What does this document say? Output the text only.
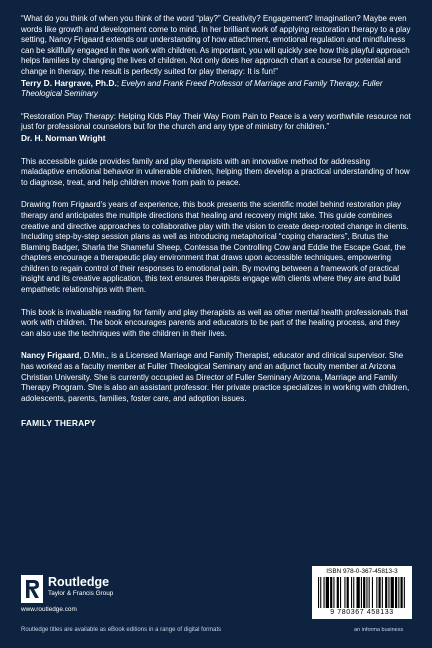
“What do you think of when you think of the word “play?” Creativity? Engagement? Imagination? Maybe even words like growth and development come to mind. In her brilliant work of applying restoration therapy to a play setting, Nancy Frigaard extends our understanding of how attachment, emotional regulation and mindfulness can be skillfully engaged in the work with children. As important, you will quickly see how this playful approach helps families by changing the lives of children. Not only does her approach chart a course for potential and change in therapy, the result is perfectly suited for play therapy: It is fun!”

Terry D. Hargrave, Ph.D.; Evelyn and Frank Freed Professor of Marriage and Family Therapy, Fuller Theological Seminary

“Restoration Play Therapy: Helping Kids Play Their Way From Pain to Peace is a very worthwhile resource not just for professional counselors but for the church and any type of ministry for children.”

Dr. H. Norman Wright

This accessible guide provides family and play therapists with an innovative method for addressing maladaptive emotional behavior in vulnerable children, helping them develop a practical understanding of how to diagnose, treat, and help children move from pain to peace.

Drawing from Frigaard’s years of experience, this book presents the scientific model behind restoration play therapy and anticipates the multiple directions that healing and recovery might take. This guide combines creative and directive approaches to collaborative play with the vision to create deep-rooted change in clients. Including step-by-step session plans as well as introducing metaphorical “coping characters”, Brutus the Blaming Badger, Sharla the Shameful Sheep, Contessa the Controlling Cow and Eddie the Escape Goat, the chapters encourage a therapeutic play environment that draws upon accessible techniques, empowering children to regain control of their responses to emotional pain. By moving between a framework of practical insight and its creative application, this text ensures therapists engage with clients where they are and build empathetic relationships with them.

This book is invaluable reading for family and play therapists as well as other mental health professionals that work with children. The book encourages parents and educators to be part of the healing process, and they can also use the techniques with the children in their lives.

Nancy Frigaard, D.Min., is a Licensed Marriage and Family Therapist, educator and clinical supervisor. She has worked as a faculty member at Fuller Theological Seminary and an adjunct faculty member at Arizona Christian University. She is currently occupied as Director of Fuller Seminary Arizona, Marriage and Family Therapy Program. She is also an assistant professor. Her private practice specializes in working with children, adolescents, parents, families, foster care, and adoption issues.

FAMILY THERAPY

Routledge
Taylor & Francis Group
www.routledge.com
Routledge titles are available as eBook editions in a range of digital formats
ISBN 978-0-367-45813-3
9 780367 458133
an informa business
